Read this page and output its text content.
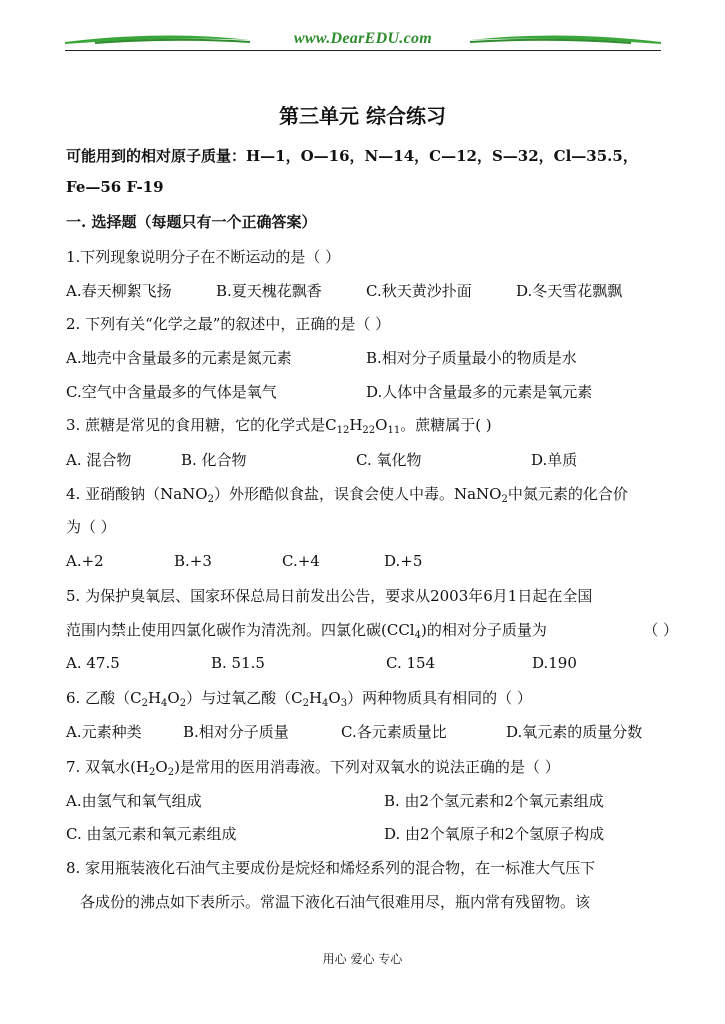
www.DearEDU.com
第三单元 综合练习
可能用到的相对原子质量：H—1，O—16，N—14，C—12，S—32，Cl—35.5，
Fe—56 F-19
一. 选择题（每题只有一个正确答案）
1.下列现象说明分子在不断运动的是（ ）
A.春天柳絮飞扬	B.夏天槐花飘香	C.秋天黄沙扑面	D.冬天雪花飘飘
2. 下列有关“化学之最”的叙述中，正确的是（ ）
A.地壳中含量最多的元素是氮元素	B.相对分子质量最小的物质是水
C.空气中含量最多的气体是氧气	D.人体中含量最多的元素是氧元素
3. 蔗糖是常见的食用糖，它的化学式是$C_{12}H_{22}O_{11}$。蔗糖属于( )
A. 混合物	B. 化合物	C. 氧化物	D.单质
4. 亚硝酸钠（NaNO$_2$）外形酷似食盐，误食会使人中毒。NaNO$_2$中氮元素的化合价
为（ ）
A.+2	B.+3	C.+4	D.+5
5. 为保护臭氧层、国家环保总局日前发出公告，要求从2003年6月1日起在全国
范围内禁止使用四氯化碳作为清洗剂。四氯化碳(CCl$_4$)的相对分子质量为	（ ）
A. 47.5	B. 51.5	C. 154	D.190
6. 乙酸$(C_2H_4O_2)$与过氧乙酸$(C_2H_4O_3)$两种物质具有相同的（ ）
A.元素种类	B.相对分子质量	C.各元素质量比	D.氧元素的质量分数
7. 双氧水$(H_2O_2)$是常用的医用消毒液。下列对双氧水的说法正确的是（ ）
A.由氢气和氧气组成	B. 由2个氢元素和2个氧元素组成
C. 由氢元素和氧元素组成	D. 由2个氧原子和2个氢原子构成
8. 家用瓶装液化石油气主要成份是烷烃和烯烃系列的混合物，在一标准大气压下
各成份的沸点如下表所示。常温下液化石油气很难用尽，瓶内常有残留物。该
用心 爱心 专心
